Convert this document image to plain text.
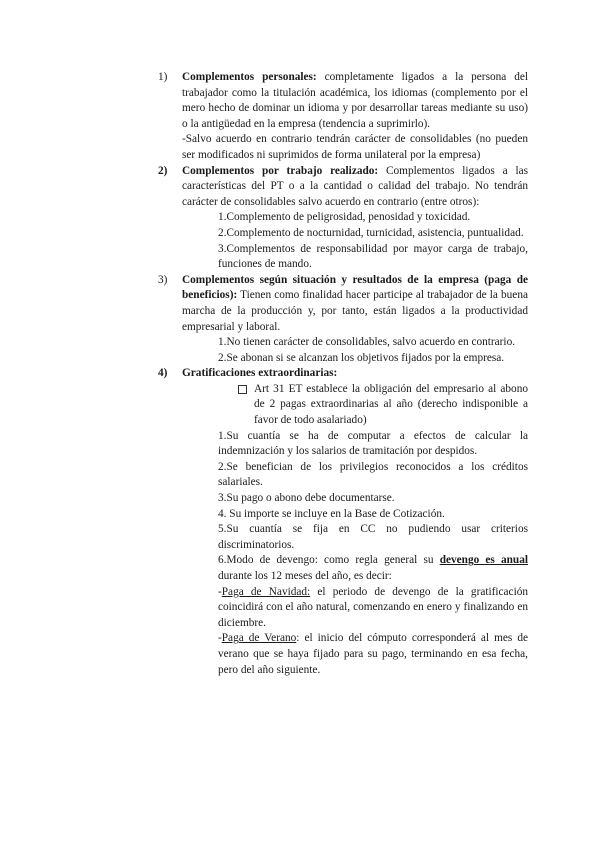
1) Complementos personales: completamente ligados a la persona del trabajador como la titulación académica, los idiomas (complemento por el mero hecho de dominar un idioma y por desarrollar tareas mediante su uso) o la antigüedad en la empresa (tendencia a suprimirlo).

-Salvo acuerdo en contrario tendrán carácter de consolidables (no pueden ser modificados ni suprimidos de forma unilateral por la empresa)

2) Complementos por trabajo realizado: Complementos ligados a las características del PT o a la cantidad o calidad del trabajo. No tendrán carácter de consolidables salvo acuerdo en contrario (entre otros):

1.Complemento de peligrosidad, penosidad y toxicidad.

2.Complemento de nocturnidad, turnicidad, asistencia, puntualidad.

3.Complementos de responsabilidad por mayor carga de trabajo, funciones de mando.

3) Complementos según situación y resultados de la empresa (paga de beneficios): Tienen como finalidad hacer participe al trabajador de la buena marcha de la producción y, por tanto, están ligados a la productividad empresarial y laboral.

1.No tienen carácter de consolidables, salvo acuerdo en contrario.

2.Se abonan si se alcanzan los objetivos fijados por la empresa.

4) Gratificaciones extraordinarias:

Art 31 ET establece la obligación del empresario al abono de 2 pagas extraordinarias al año (derecho indisponible a favor de todo asalariado)

1.Su cuantía se ha de computar a efectos de calcular la indemnización y los salarios de tramitación por despidos.

2.Se benefician de los privilegios reconocidos a los créditos salariales.

3.Su pago o abono debe documentarse.

4. Su importe se incluye en la Base de Cotización.

5.Su cuantía se fija en CC no pudiendo usar criterios discriminatorios.

6.Modo de devengo: como regla general su devengo es anual durante los 12 meses del año, es decir:

-Paga de Navidad: el periodo de devengo de la gratificación coincidirá con el año natural, comenzando en enero y finalizando en diciembre.

-Paga de Verano: el inicio del cómputo corresponderá al mes de verano que se haya fijado para su pago, terminando en esa fecha, pero del año siguiente.
